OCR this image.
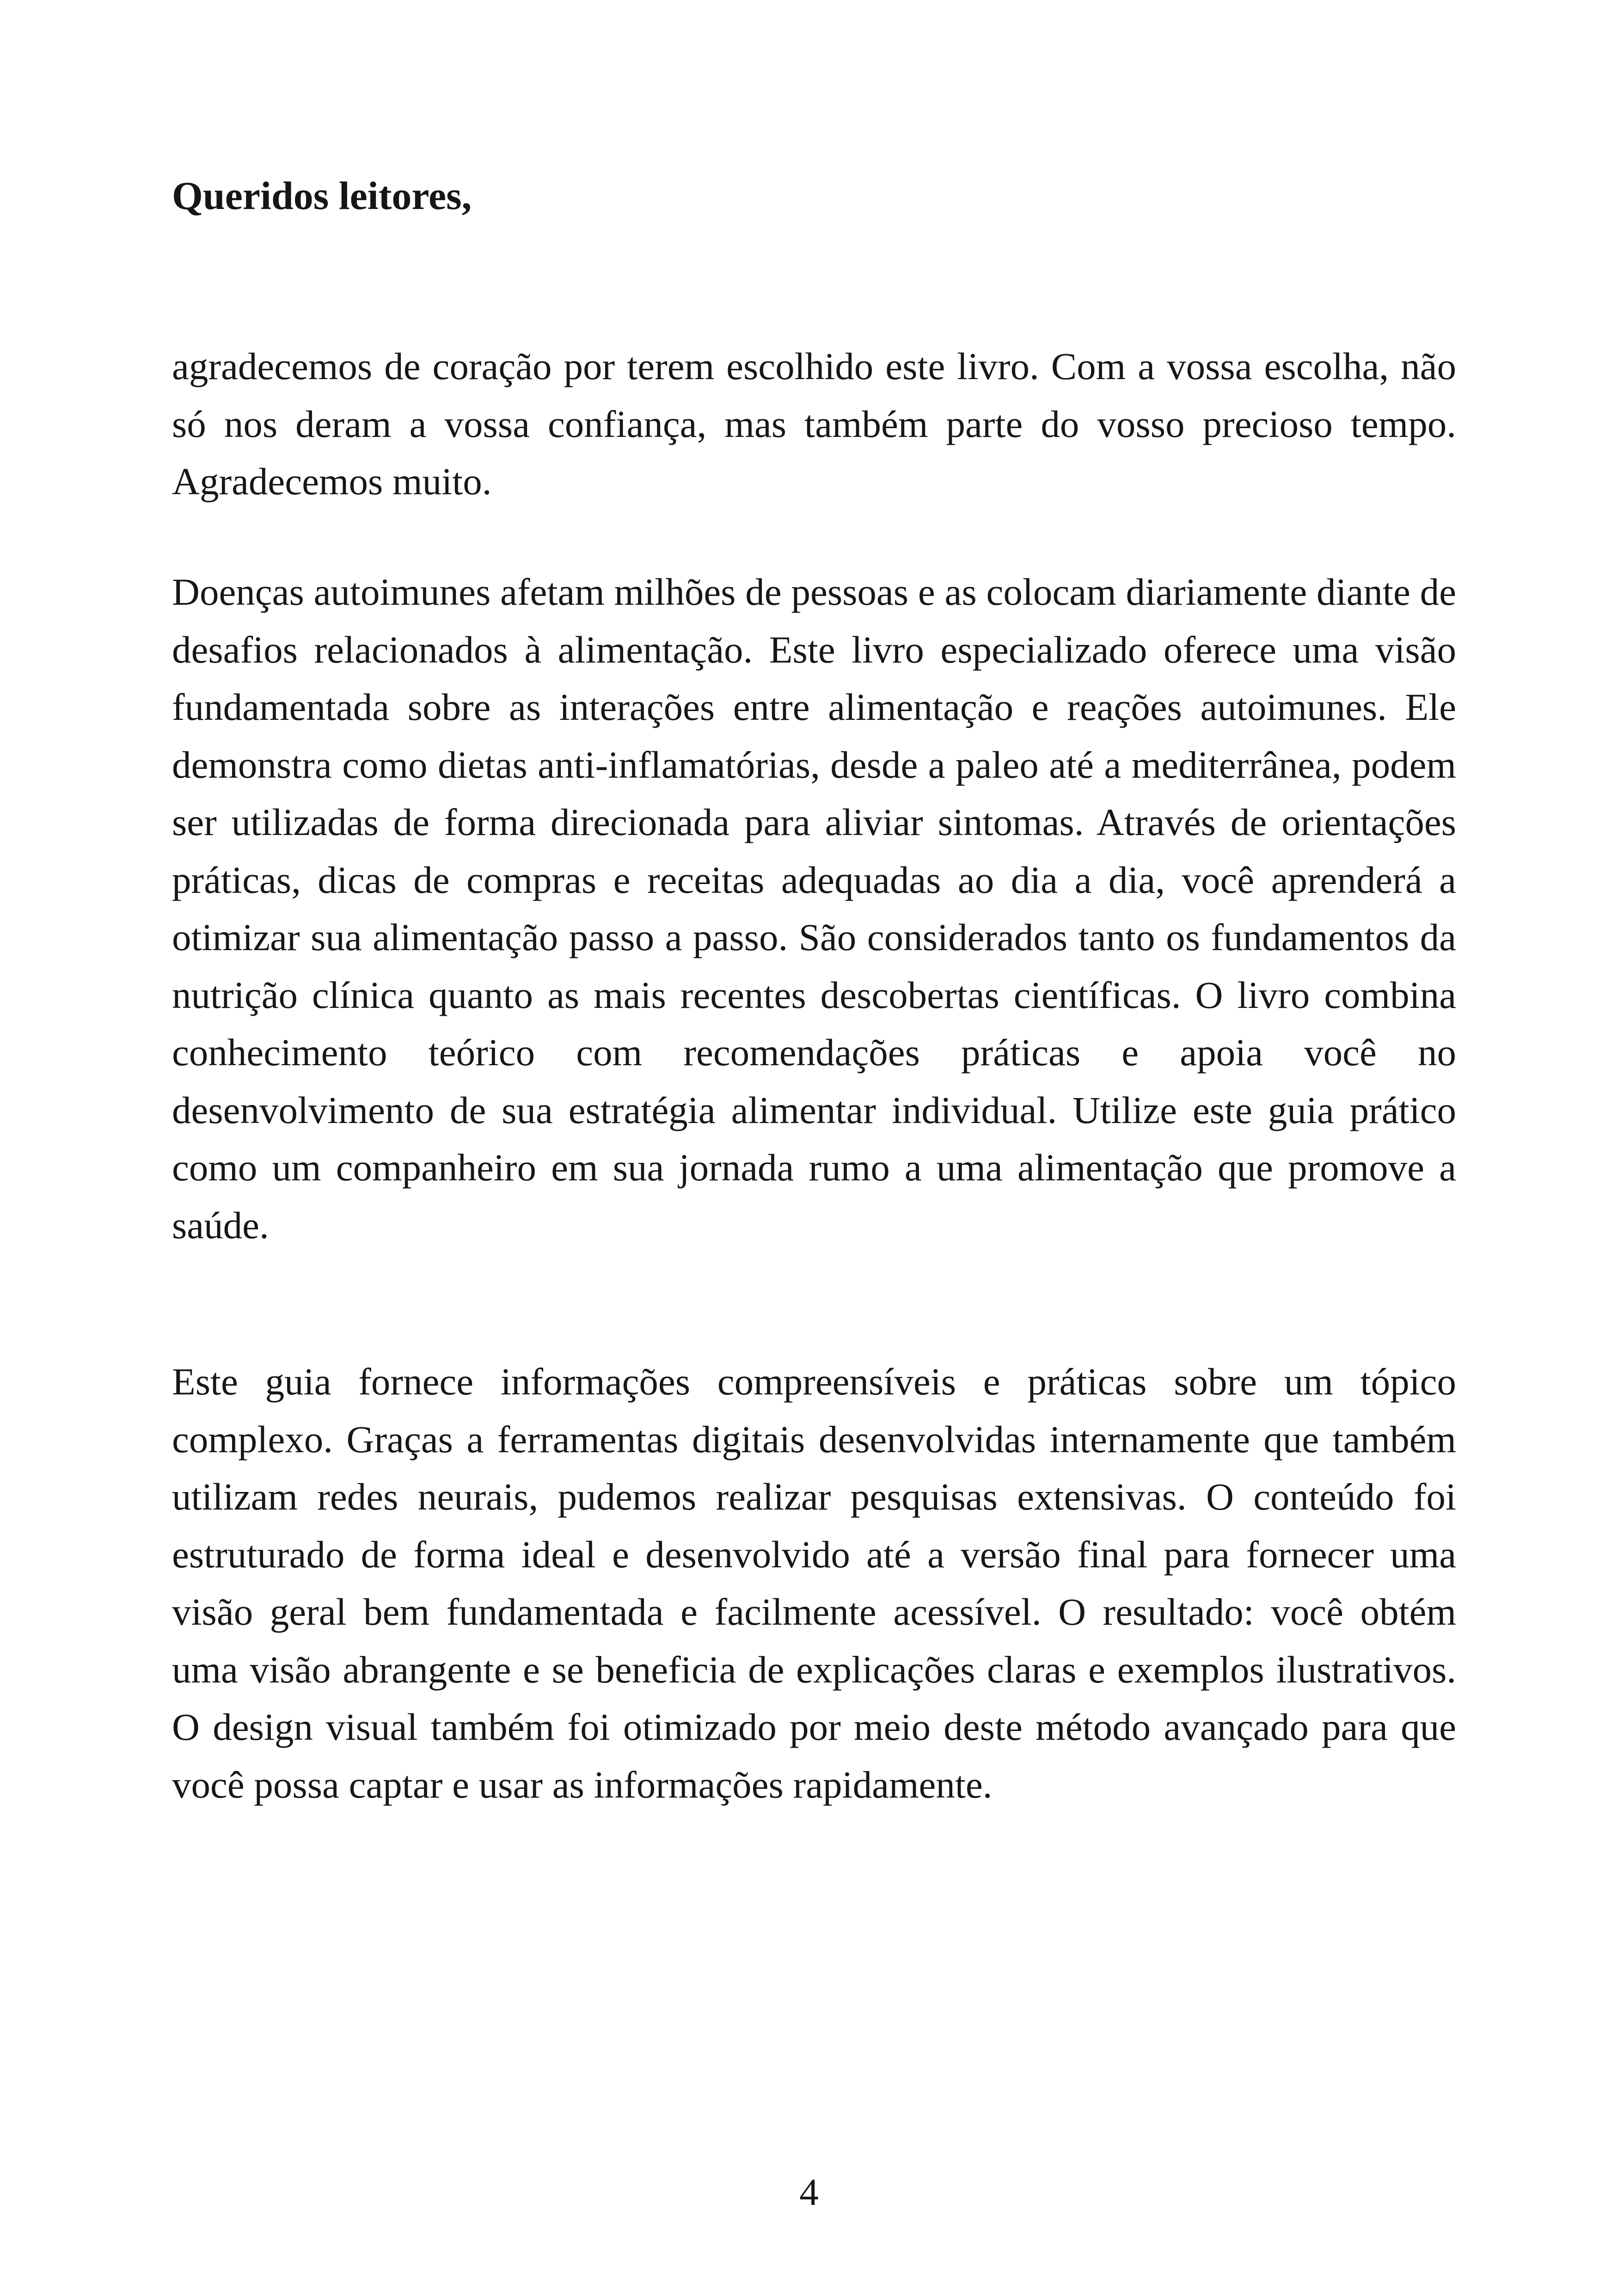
Queridos leitores,

agradecemos de coração por terem escolhido este livro. Com a vossa escolha, não só nos deram a vossa confiança, mas também parte do vosso precioso tempo. Agradecemos muito.

Doenças autoimunes afetam milhões de pessoas e as colocam diariamente diante de desafios relacionados à alimentação. Este livro especializado oferece uma visão fundamentada sobre as interações entre alimentação e reações autoimunes. Ele demonstra como dietas anti-inflamatórias, desde a paleo até a mediterrânea, podem ser utilizadas de forma direcionada para aliviar sintomas. Através de orientações práticas, dicas de compras e receitas adequadas ao dia a dia, você aprenderá a otimizar sua alimentação passo a passo. São considerados tanto os fundamentos da nutrição clínica quanto as mais recentes descobertas científicas. O livro combina conhecimento teórico com recomendações práticas e apoia você no desenvolvimento de sua estratégia alimentar individual. Utilize este guia prático como um companheiro em sua jornada rumo a uma alimentação que promove a saúde.

Este guia fornece informações compreensíveis e práticas sobre um tópico complexo. Graças a ferramentas digitais desenvolvidas internamente que também utilizam redes neurais, pudemos realizar pesquisas extensivas. O conteúdo foi estruturado de forma ideal e desenvolvido até a versão final para fornecer uma visão geral bem fundamentada e facilmente acessível. O resultado: você obtém uma visão abrangente e se beneficia de explicações claras e exemplos ilustrativos. O design visual também foi otimizado por meio deste método avançado para que você possa captar e usar as informações rapidamente.

4
